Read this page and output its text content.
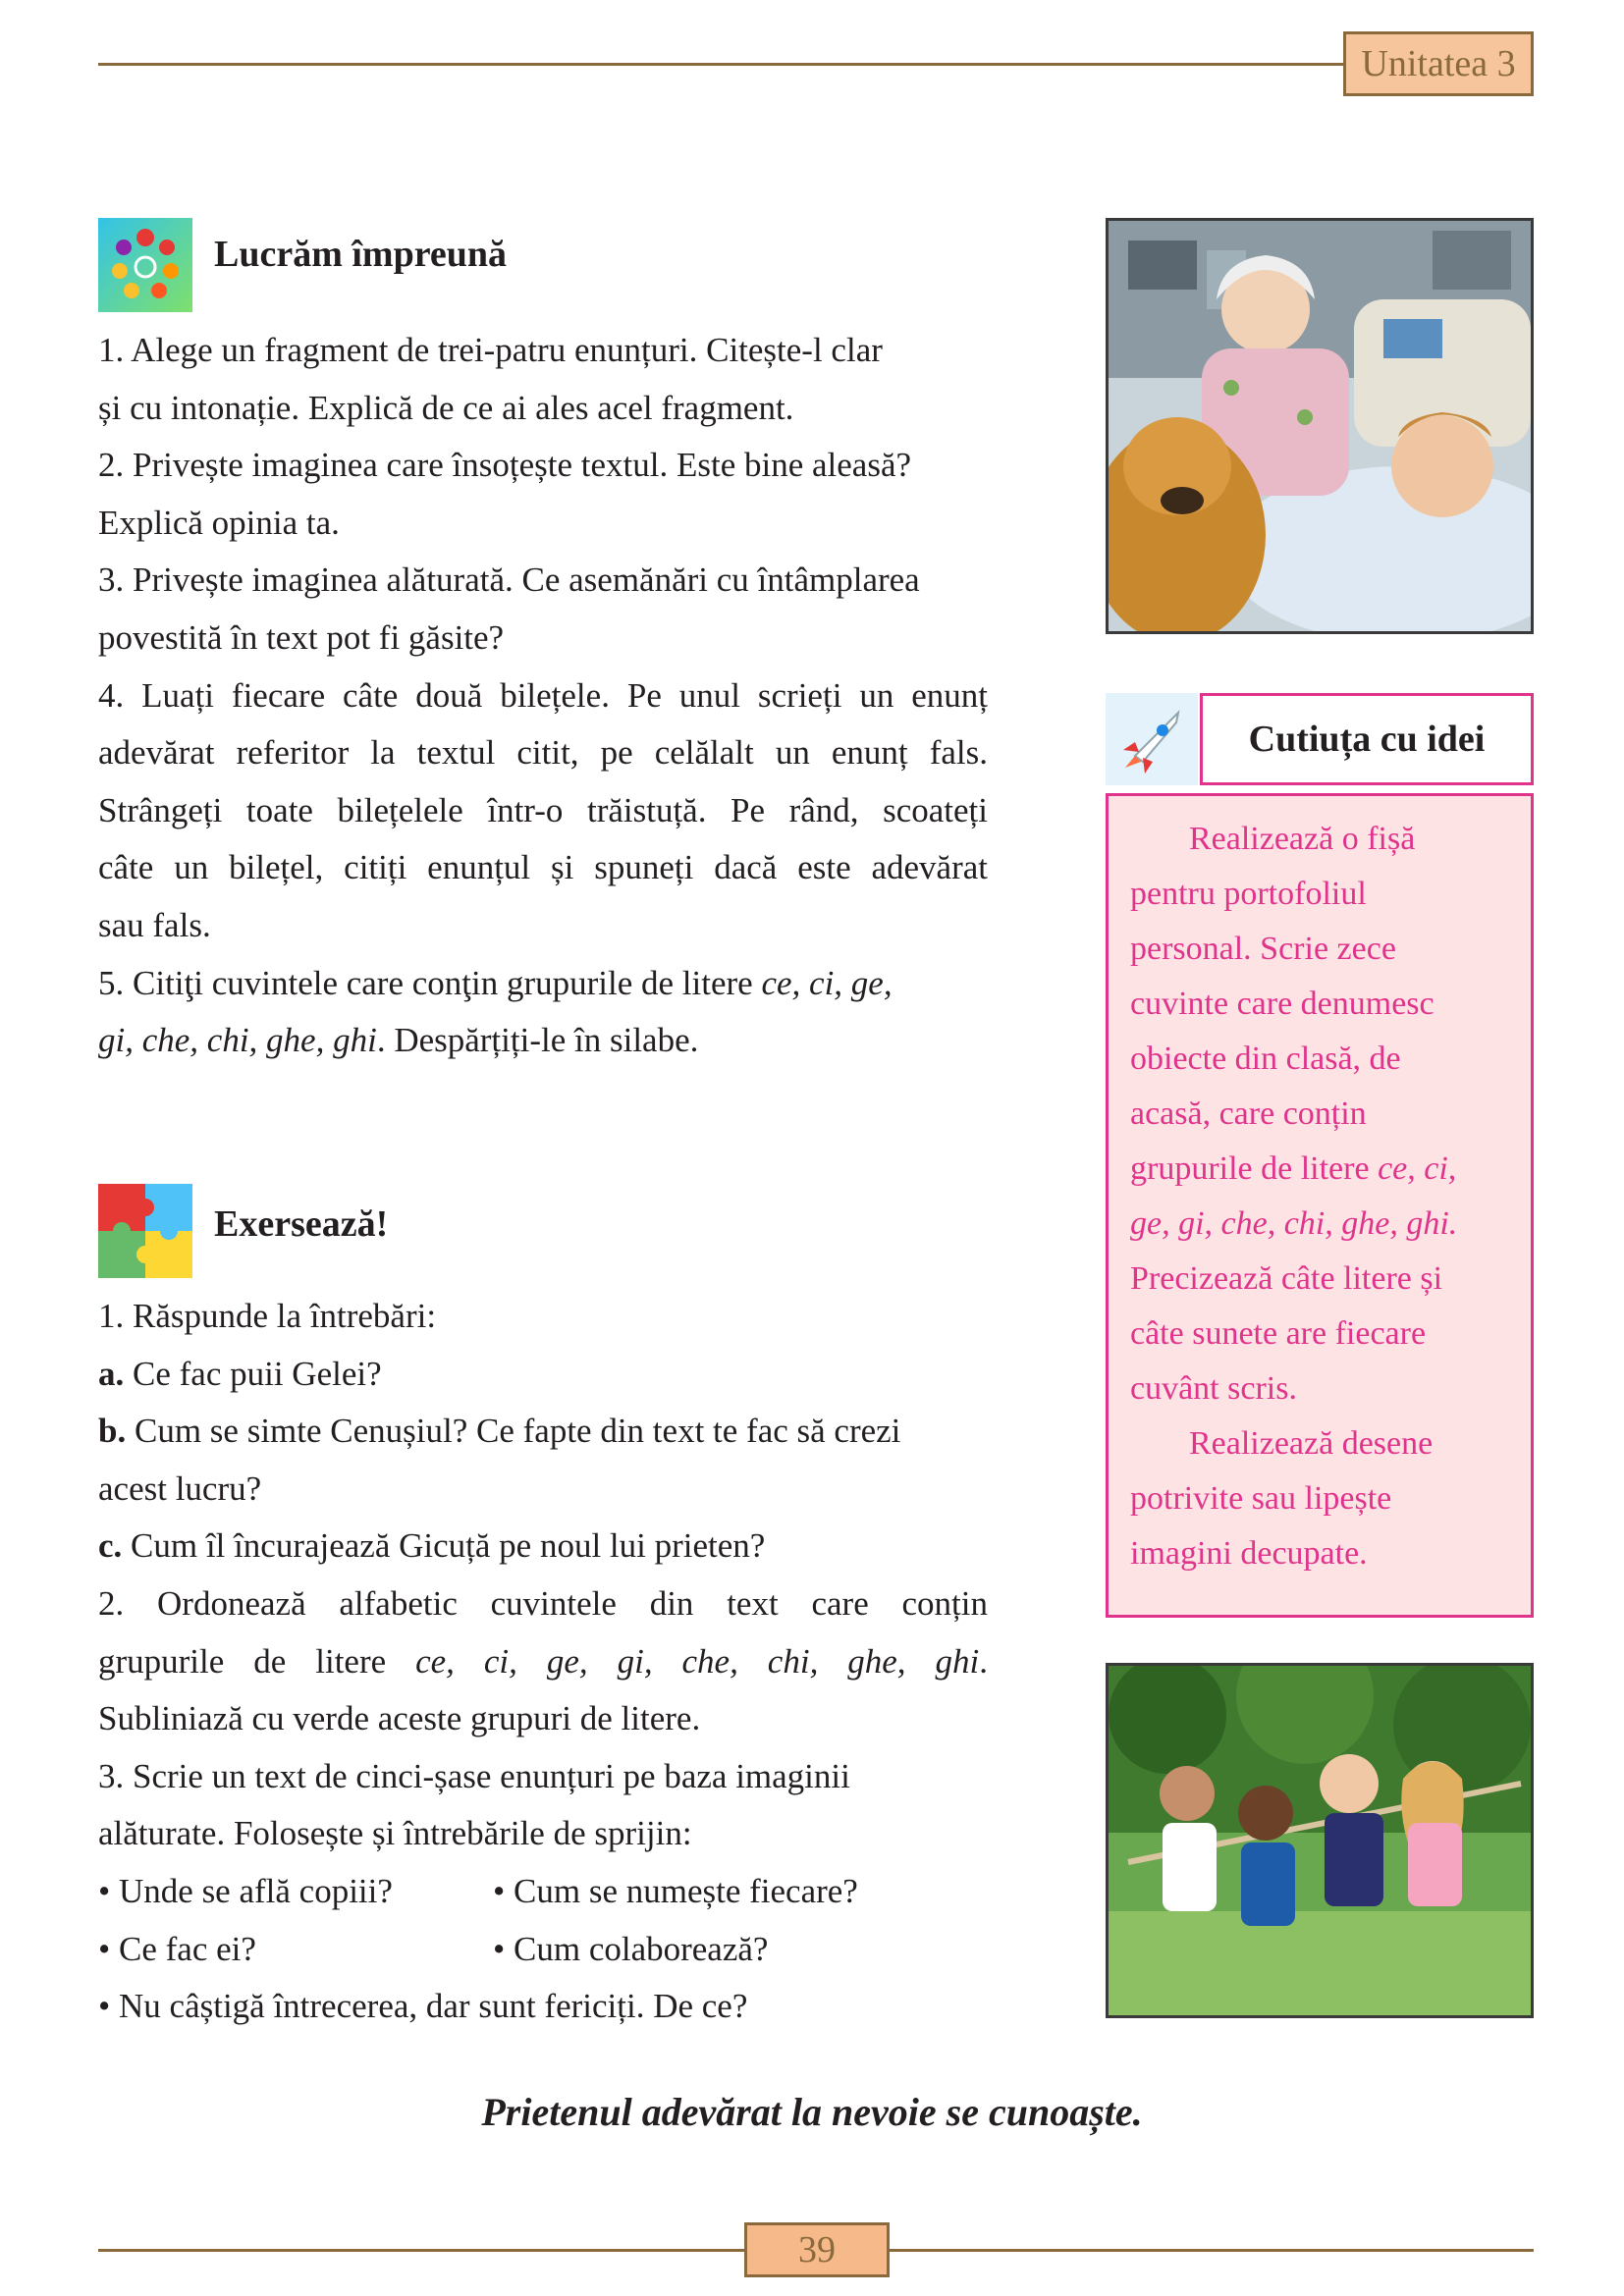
Unitatea 3
Lucrăm împreună

1. Alege un fragment de trei-patru enunțuri. Citește-l clar

și cu intonație. Explică de ce ai ales acel fragment.

2. Privește imaginea care însoțește textul. Este bine aleasă?

Explică opinia ta.

3. Privește imaginea alăturată. Ce asemănări cu întâmplarea

povestită în text pot fi găsite?

4. Luați fiecare câte două bilețele. Pe unul scrieți un enunț

adevărat referitor la textul citit, pe celălalt un enunț fals.

Strângeți toate bilețelele într-o trăistuță. Pe rând, scoateți

câte un bilețel, citiți enunțul și spuneți dacă este adevărat

sau fals.

5. Citiţi cuvintele care conţin grupurile de litere ce, ci, ge,

gi, che, chi, ghe, ghi. Despărțiți-le în silabe.

Exersează!

1. Răspunde la întrebări:

a. Ce fac puii Gelei?

b. Cum se simte Cenușiul? Ce fapte din text te fac să crezi

acest lucru?

c. Cum îl încurajează Gicuță pe noul lui prieten?

2. Ordonează alfabetic cuvintele din text care conțin

grupurile de litere ce, ci, ge, gi, che, chi, ghe, ghi.

Subliniază cu verde aceste grupuri de litere.

3. Scrie un text de cinci-șase enunțuri pe baza imaginii

alăturate. Folosește și întrebările de sprijin:

• Unde se află copiii?	• Cum se numește fiecare?
• Ce fac ei?	• Cum colaborează?

• Nu câștigă întrecerea, dar sunt fericiți. De ce?

Cutiuța cu idei

Realizează o fișă

pentru portofoliul

personal. Scrie zece

cuvinte care denumesc

obiecte din clasă, de

acasă, care conțin

grupurile de litere ce, ci,

ge, gi, che, chi, ghe, ghi.

Precizează câte litere și

câte sunete are fiecare

cuvânt scris.

Realizează desene

potrivite sau lipește

imagini decupate.

Prietenul adevărat la nevoie se cunoaște.
39
